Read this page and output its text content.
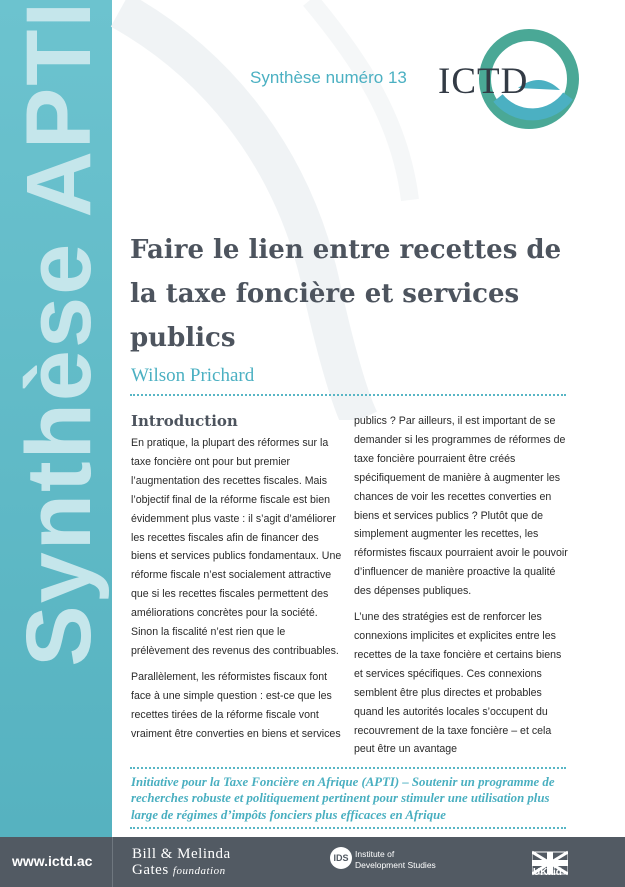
Synthèse APTI	Synthèse numéro 13 ICTD
Faire le lien entre recettes de la taxe foncière et services publics
Wilson Prichard

Introduction

En pratique, la plupart des réformes sur la taxe foncière ont pour but premier l’augmentation des recettes fiscales. Mais l’objectif final de la réforme fiscale est bien évidemment plus vaste : il s’agit d’améliorer les recettes fiscales afin de financer des biens et services publics fondamentaux. Une réforme fiscale n’est socialement attractive que si les recettes fiscales permettent des améliorations concrètes pour la société. Sinon la fiscalité n’est rien que le prélèvement des revenus des contribuables.

Parallèlement, les réformistes fiscaux font face à une simple question : est-ce que les recettes tirées de la réforme fiscale vont vraiment être converties en biens et services

publics ? Par ailleurs, il est important de se demander si les programmes de réformes de taxe foncière pourraient être créés spécifiquement de manière à augmenter les chances de voir les recettes converties en biens et services publics ? Plutôt que de simplement augmenter les recettes, les réformistes fiscaux pourraient avoir le pouvoir d’influencer de manière proactive la qualité des dépenses publiques.

L’une des stratégies est de renforcer les connexions implicites et explicites entre les recettes de la taxe foncière et certains biens et services spécifiques. Ces connexions semblent être plus directes et probables quand les autorités locales s’occupent du recouvrement de la taxe foncière – et cela peut être un avantage

Initiative pour la Taxe Foncière en Afrique (APTI) – Soutenir un programme de recherches robuste et politiquement pertinent pour stimuler une utilisation plus large de régimes d’impôts fonciers plus efficaces en Afrique
www.ictd.ac	Bill & Melinda
Gates foundation
IDS Institute of
Development Studies
UKaid
